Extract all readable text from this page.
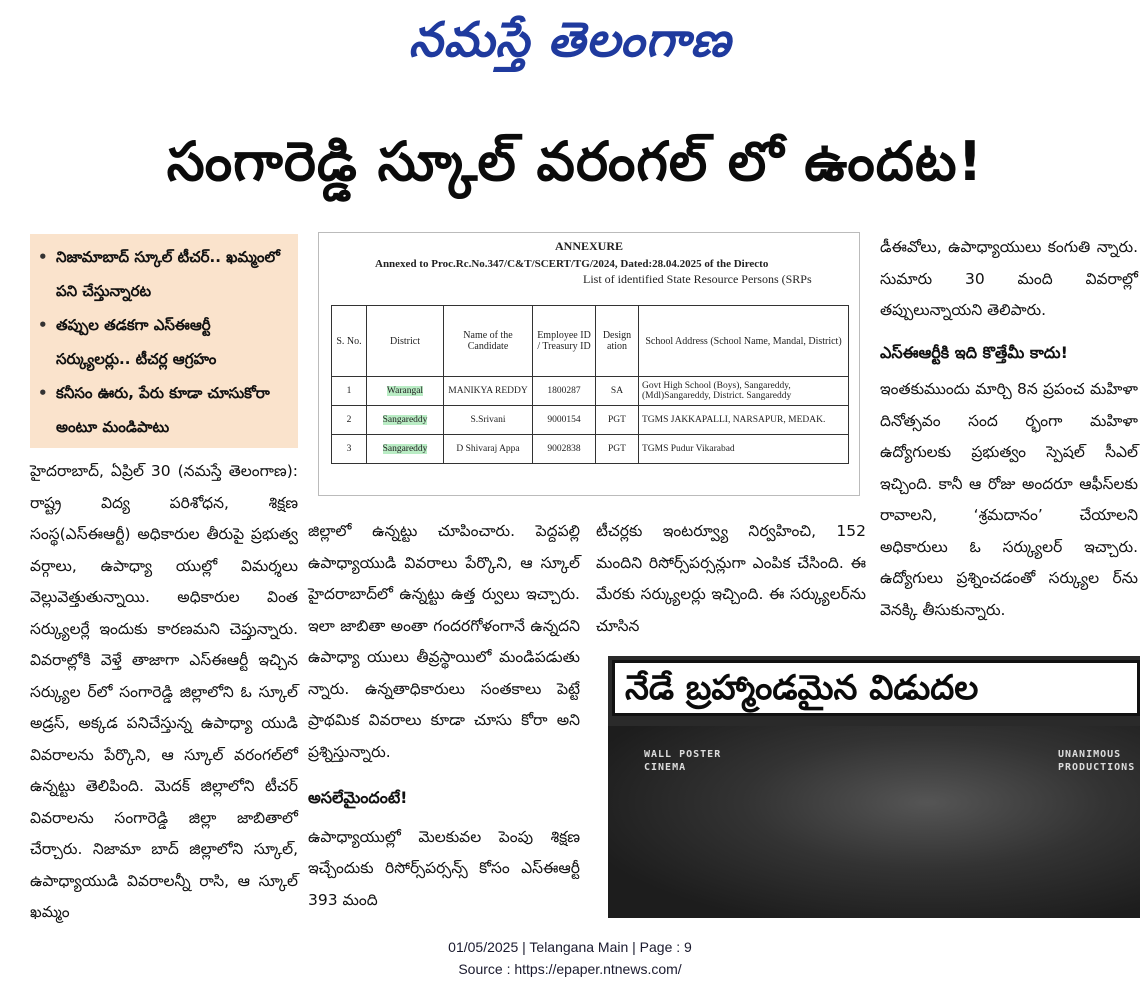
నమస్తే తెలంగాణ
సంగారెడ్డి స్కూల్ వరంగల్ లో ఉందట!
• నిజామాబాద్ స్కూల్ టీచర్.. ఖమ్మంలో పని చేస్తున్నారట
• తప్పుల తడకగా ఎస్ఈఆర్టీ సర్క్యులర్లు.. టీచర్ల ఆగ్రహం
• కనీసం ఊరు, పేరు కూడా చూసుకోరా అంటూ మండిపాటు

హైదరాబాద్, ఏప్రిల్ 30 (నమస్తే తెలంగాణ): రాష్ట్ర విద్య పరిశోధన, శిక్షణ సంస్థ(ఎస్ఈఆర్టీ) అధికారుల తీరుపై ప్రభుత్వ వర్గాలు, ఉపాధ్యా యుల్లో విమర్శలు వెల్లువెత్తుతున్నాయి. అధికారుల వింత సర్క్యులర్లే ఇందుకు కారణమని చెప్తున్నారు. వివరాల్లోకి వెళ్తే తాజాగా ఎస్ఈఆర్టీ ఇచ్చిన సర్క్యుల ర్‌లో సంగారెడ్డి జిల్లాలోని ఓ స్కూల్ అడ్రస్, అక్కడ పనిచేస్తున్న ఉపాధ్యా యుడి వివరాలను పేర్కొని, ఆ స్కూల్ వరంగల్‌లో ఉన్నట్టు తెలిపింది. మెదక్ జిల్లాలోని టీచర్ వివరాలను సంగారెడ్డి జిల్లా జాబితాలో చేర్చారు. నిజామా బాద్ జిల్లాలోని స్కూల్, ఉపాధ్యాయుడి వివరాలన్నీ రాసి, ఆ స్కూల్ ఖమ్మం

ANNEXURE
Annexed to Proc.Rc.No.347/C&T/SCERT/TG/2024, Dated:28.04.2025 of the Directo
List of identified State Resource Persons (SRPs
S. No.	District	Name of the Candidate	Employee ID / Treasury ID	Design ation	School Address (School Name, Mandal, District)
1	Warangal	MANIKYA REDDY	1800287	SA	Govt High School (Boys), Sangareddy, (Mdl)Sangareddy, District. Sangareddy
2	Sangareddy	S.Srivani	9000154	PGT	TGMS JAKKAPALLI, NARSAPUR, MEDAK.
3	Sangareddy	D Shivaraj Appa	9002838	PGT	TGMS Pudur Vikarabad

జిల్లాలో ఉన్నట్టు చూపించారు. పెద్దపల్లి ఉపాధ్యాయుడి వివరాలు పేర్కొని, ఆ స్కూల్ హైదరాబాద్‌లో ఉన్నట్టు ఉత్త ర్వులు ఇచ్చారు. ఇలా జాబితా అంతా గందరగోళంగానే ఉన్నదని ఉపాధ్యా యులు తీవ్రస్థాయిలో మండిపడుతు న్నారు. ఉన్నతాధికారులు సంతకాలు పెట్టే ప్రాథమిక వివరాలు కూడా చూసు కోరా అని ప్రశ్నిస్తున్నారు.

అసలేమైందంటే!

ఉపాధ్యాయుల్లో మెలకువల పెంపు శిక్షణ ఇచ్చేందుకు రిసోర్స్‌పర్సన్స్ కోసం ఎస్ఈఆర్టీ 393 మంది

టీచర్లకు ఇంటర్వ్యూ నిర్వహించి, 152 మందిని రిసోర్స్‌పర్సన్లుగా ఎంపిక చేసింది. ఈ మేరకు సర్క్యులర్లు ఇచ్చింది. ఈ సర్క్యులర్‌ను చూసిన

డీఈవోలు, ఉపాధ్యాయులు కంగుతి న్నారు. సుమారు 30 మంది వివరాల్లో తప్పులున్నాయని తెలిపారు.

ఎస్ఈఆర్టీకి ఇది కొత్తేమీ కాదు!

ఇంతకుముందు మార్చి 8న ప్రపంచ మహిళా దినోత్సవం సంద ర్భంగా మహిళా ఉద్యోగులకు ప్రభుత్వం స్పెషల్ సీఎల్ ఇచ్చింది. కానీ ఆ రోజు అందరూ ఆఫీస్‌లకు రావాలని, ‘శ్రమదానం’ చేయాలని అధికారులు ఓ సర్క్యులర్ ఇచ్చారు. ఉద్యోగులు ప్రశ్నించడంతో సర్క్యుల ర్‌ను వెనక్కి తీసుకున్నారు.

నేడే బ్రహ్మాండమైన విడుదల
WALL POSTER CINEMA
UNANIMOUS PRODUCTIONS
01/05/2025 | Telangana Main | Page : 9
Source : https://epaper.ntnews.com/
